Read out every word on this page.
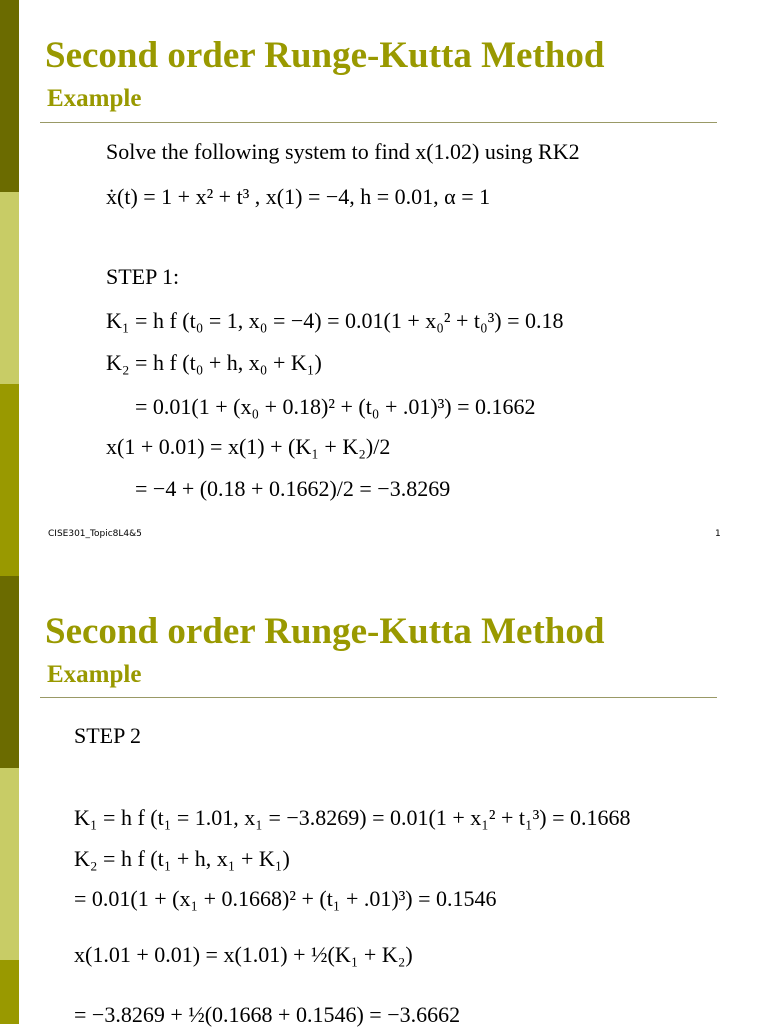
Second order Runge-Kutta Method
Example
Solve the following system to find x(1.02) using RK2
ẋ(t) = 1 + x² + t³ , x(1) = −4, h = 0.01, α = 1
STEP 1:
K₁ = h f (t₀ = 1, x₀ = −4) = 0.01(1 + x₀² + t₀³) = 0.18
K₂ = h f (t₀ + h, x₀ + K₁)
= 0.01(1 + (x₀ + 0.18)² + (t₀ + .01)³) = 0.1662
x(1 + 0.01) = x(1) + (K₁ + K₂)/2
= −4 + (0.18 + 0.1662)/2 = −3.8269
CISE301_Topic8L4&5	1
Second order Runge-Kutta Method
Example
STEP 2
K₁ = h f (t₁ = 1.01, x₁ = −3.8269) = 0.01(1 + x₁² + t₁³) = 0.1668
K₂ = h f (t₁ + h, x₁ + K₁)
= 0.01(1 + (x₁ + 0.1668)² + (t₁ + .01)³) = 0.1546
x(1.01 + 0.01) = x(1.01) + ½(K₁ + K₂)
= −3.8269 + ½(0.1668 + 0.1546) = −3.6662
